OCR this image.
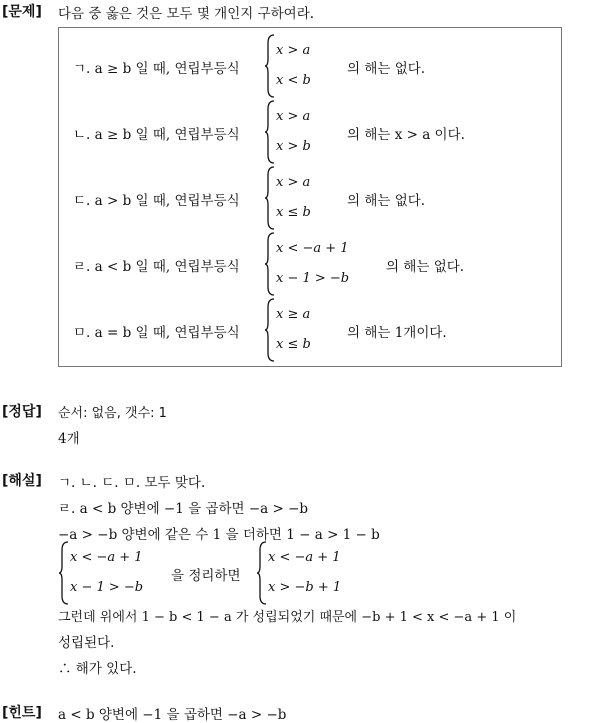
[문제] 다음 중 옳은 것은 모두 몇 개인지 구하여라.
ㄱ. a ≥ b 일 때, 연립부등식
x > a
x < b
의 해는 없다.
ㄴ. a ≥ b 일 때, 연립부등식
x > a
x > b
의 해는 x > a 이다.
ㄷ. a > b 일 때, 연립부등식
x > a
x ≤ b
의 해는 없다.
ㄹ. a < b 일 때, 연립부등식
x < −a + 1
x − 1 > −b
의 해는 없다.
ㅁ. a = b 일 때, 연립부등식
x ≥ a
x ≤ b
의 해는 1개이다.
[정답] 순서: 없음, 갯수: 1
4개
[해설] ㄱ. ㄴ. ㄷ. ㅁ. 모두 맞다.
ㄹ. a < b 양변에 −1 을 곱하면 −a > −b
−a > −b 양변에 같은 수 1 을 더하면 1 − a > 1 − b
x < −a + 1
x − 1 > −b
을 정리하면
x < −a + 1
x > −b + 1
그런데 위에서 1 − b < 1 − a 가 성립되었기 때문에 −b + 1 < x < −a + 1 이
성립된다.
∴ 해가 있다.
[힌트] a < b 양변에 −1 을 곱하면 −a > −b
